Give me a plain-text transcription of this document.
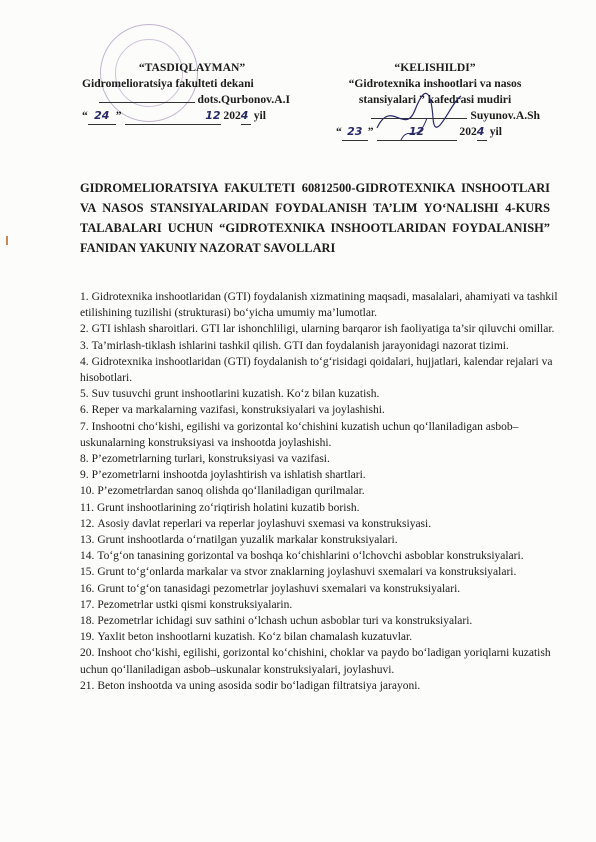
“TASDIQLAYMAN”
Gidromelioratsiya fakulteti dekani
dots.Qurbonov.A.I
“ 24 ”	12 2024 yil
“KELISHILDI”
“Gidrotexnika inshootlari va nasos
stansiyalari ” kafedrasi mudiri
Suyunov.A.Sh
“ 23 ”	12	2024 yil
GIDROMELIORATSIYA FAKULTETI 60812500-GIDROTEXNIKA INSHOOTLARI VA NASOS STANSIYALARIDAN FOYDALANISH TA’LIM YO‘NALISHI 4-KURS TALABALARI UCHUN “GIDROTEXNIKA INSHOOTLARIDAN FOYDALANISH” FANIDAN YAKUNIY NAZORAT SAVOLLARI
1. Gidrotexnika inshootlaridan (GTI) foydalanish xizmatining maqsadi, masalalari, ahamiyati va tashkil etilishining tuzilishi (strukturasi) bo‘yicha umumiy ma’lumotlar.
2. GTI ishlash sharoitlari. GTI lar ishonchliligi, ularning barqaror ish faoliyatiga ta’sir qiluvchi omillar.
3. Ta’mirlash-tiklash ishlarini tashkil qilish. GTI dan foydalanish jarayonidagi nazorat tizimi.
4. Gidrotexnika inshootlaridan (GTI) foydalanish to‘g‘risidagi qoidalari, hujjatlari, kalendar rejalari va hisobotlari.
5. Suv tusuvchi grunt inshootlarini kuzatish. Ko‘z bilan kuzatish.
6. Reper va markalarning vazifasi, konstruksiyalari va joylashishi.
7. Inshootni cho‘kishi, egilishi va gorizontal ko‘chishini kuzatish uchun qo‘llaniladigan asbob–uskunalarning konstruksiyasi va inshootda joylashishi.
8. P’ezometrlarning turlari, konstruksiyasi va vazifasi.
9. P’ezometrlarni inshootda joylashtirish va ishlatish shartlari.
10. P’ezometrlardan sanoq olishda qo‘llaniladigan qurilmalar.
11. Grunt inshootlarining zo‘riqtirish holatini kuzatib borish.
12. Asosiy davlat reperlari va reperlar joylashuvi sxemasi va konstruksiyasi.
13. Grunt inshootlarda o‘rnatilgan yuzalik markalar konstruksiyalari.
14. To‘g‘on tanasining gorizontal va boshqa ko‘chishlarini o‘lchovchi asboblar konstruksiyalari.
15. Grunt to‘g‘onlarda markalar va stvor znaklarning joylashuvi sxemalari va konstruksiyalari.
16. Grunt to‘g‘on tanasidagi pezometrlar joylashuvi sxemalari va konstruksiyalari.
17. Pezometrlar ustki qismi konstruksiyalarin.
18. Pezometrlar ichidagi suv sathini o‘lchash uchun asboblar turi va konstruksiyalari.
19. Yaxlit beton inshootlarni kuzatish. Ko‘z bilan chamalash kuzatuvlar.
20. Inshoot cho‘kishi, egilishi, gorizontal ko‘chishini, choklar va paydo bo‘ladigan yoriqlarni kuzatish uchun qo‘llaniladigan asbob–uskunalar konstruksiyalari, joylashuvi.
21. Beton inshootda va uning asosida sodir bo‘ladigan filtratsiya jarayoni.
